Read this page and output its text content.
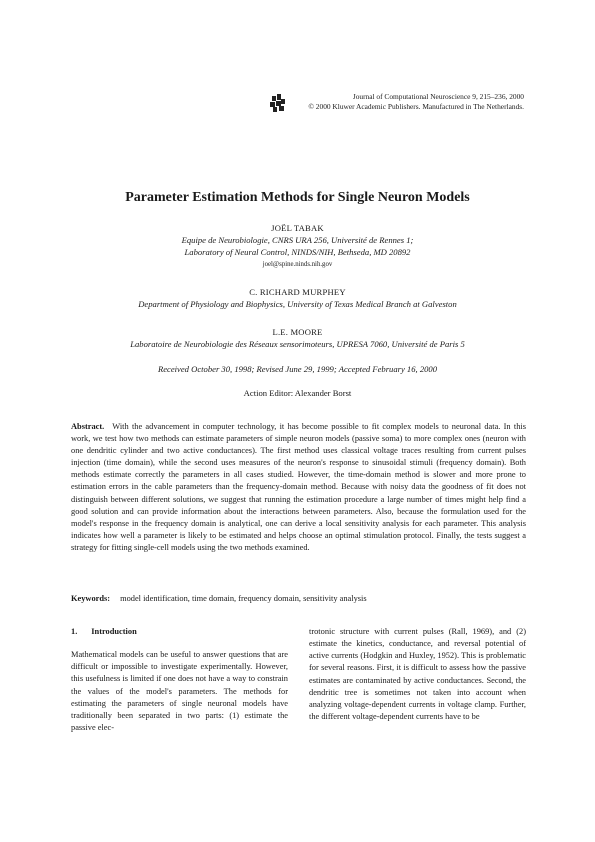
Journal of Computational Neuroscience 9, 215–236, 2000
© 2000 Kluwer Academic Publishers. Manufactured in The Netherlands.
Parameter Estimation Methods for Single Neuron Models
JOËL TABAK
Equipe de Neurobiologie, CNRS URA 256, Université de Rennes 1;
Laboratory of Neural Control, NINDS/NIH, Bethseda, MD 20892
joel@spine.ninds.nih.gov
C. RICHARD MURPHEY
Department of Physiology and Biophysics, University of Texas Medical Branch at Galveston
L.E. MOORE
Laboratoire de Neurobiologie des Réseaux sensorimoteurs, UPRESA 7060, Université de Paris 5
Received October 30, 1998; Revised June 29, 1999; Accepted February 16, 2000
Action Editor: Alexander Borst
Abstract. With the advancement in computer technology, it has become possible to fit complex models to neuronal data. In this work, we test how two methods can estimate parameters of simple neuron models (passive soma) to more complex ones (neuron with one dendritic cylinder and two active conductances). The first method uses classical voltage traces resulting from current pulses injection (time domain), while the second uses measures of the neuron's response to sinusoidal stimuli (frequency domain). Both methods estimate correctly the parameters in all cases studied. However, the time-domain method is slower and more prone to estimation errors in the cable parameters than the frequency-domain method. Because with noisy data the goodness of fit does not distinguish between different solutions, we suggest that running the estimation procedure a large number of times might help find a good solution and can provide information about the interactions between parameters. Also, because the formulation used for the model's response in the frequency domain is analytical, one can derive a local sensitivity analysis for each parameter. This analysis indicates how well a parameter is likely to be estimated and helps choose an optimal stimulation protocol. Finally, the tests suggest a strategy for fitting single-cell models using the two methods examined.
Keywords: model identification, time domain, frequency domain, sensitivity analysis
1. Introduction

Mathematical models can be useful to answer questions that are difficult or impossible to investigate experimentally. However, this usefulness is limited if one does not have a way to constrain the values of the model's parameters. The methods for estimating the parameters of single neuronal models have traditionally been separated in two parts: (1) estimate the passive elec-

trotonic structure with current pulses (Rall, 1969), and (2) estimate the kinetics, conductance, and reversal potential of active currents (Hodgkin and Huxley, 1952). This is problematic for several reasons. First, it is difficult to assess how the passive estimates are contaminated by active conductances. Second, the dendritic tree is sometimes not taken into account when analyzing voltage-dependent currents in voltage clamp. Further, the different voltage-dependent currents have to be
